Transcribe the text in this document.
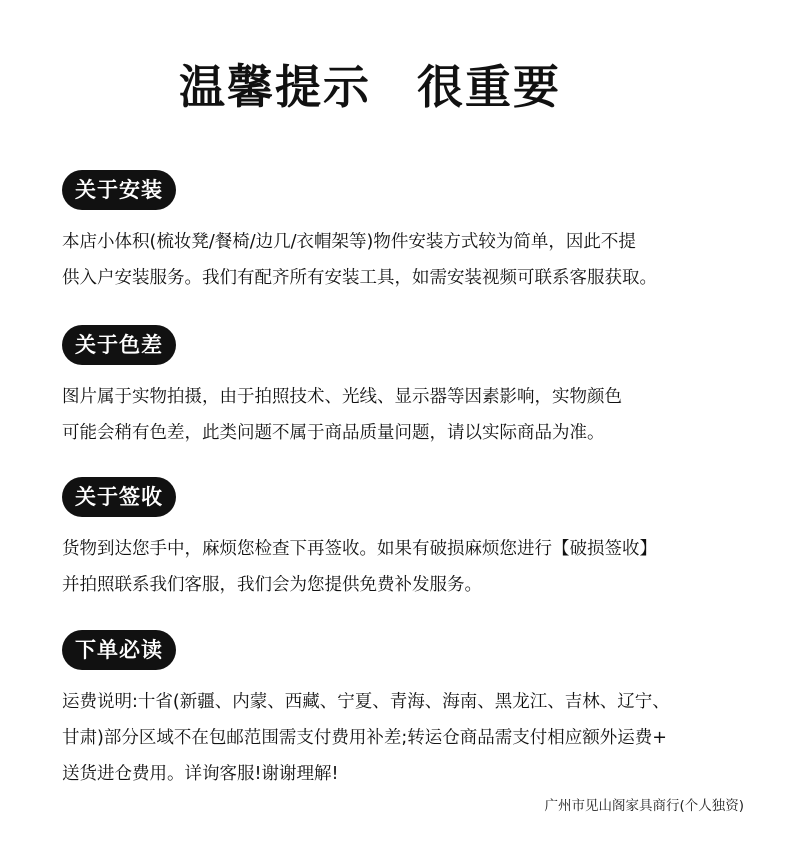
温馨提示 很重要
关于安装
本店小体积(梳妆凳/餐椅/边几/衣帽架等)物件安装方式较为简单，因此不提
供入户安装服务。我们有配齐所有安装工具，如需安装视频可联系客服获取。
关于色差
图片属于实物拍摄，由于拍照技术、光线、显示器等因素影响，实物颜色
可能会稍有色差，此类问题不属于商品质量问题，请以实际商品为准。
关于签收
货物到达您手中，麻烦您检查下再签收。如果有破损麻烦您进行【破损签收】
并拍照联系我们客服，我们会为您提供免费补发服务。
下单必读
运费说明:十省(新疆、内蒙、西藏、宁夏、青海、海南、黑龙江、吉林、辽宁、
甘肃)部分区域不在包邮范围需支付费用补差;转运仓商品需支付相应额外运费+
送货进仓费用。详询客服!谢谢理解!
广州市见山阁家具商行(个人独资)
